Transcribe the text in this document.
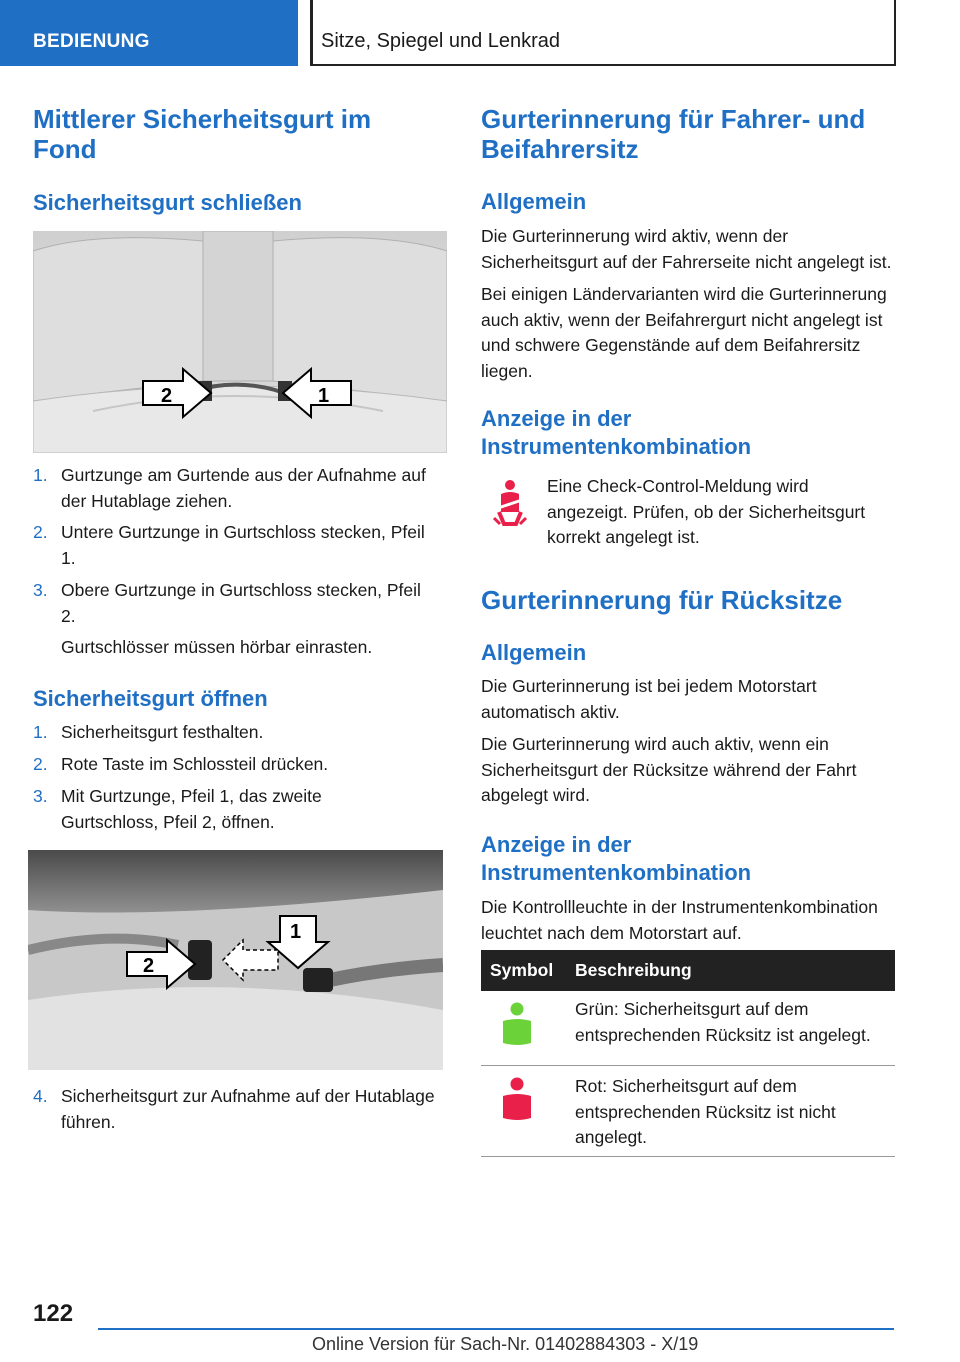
BEDIENUNG	Sitze, Spiegel und Lenkrad
Mittlerer Sicherheitsgurt im Fond
Sicherheitsgurt schließen
2	1
1. Gurtzunge am Gurtende aus der Aufnahme auf der Hutablage ziehen.
2. Untere Gurtzunge in Gurtschloss stecken, Pfeil 1.
3. Obere Gurtzunge in Gurtschloss stecken, Pfeil 2.

Gurtschlösser müssen hörbar einrasten.

Sicherheitsgurt öffnen
1. Sicherheitsgurt festhalten.
2. Rote Taste im Schlossteil drücken.
3. Mit Gurtzunge, Pfeil 1, das zweite Gurtschloss, Pfeil 2, öffnen.
2
1
4. Sicherheitsgurt zur Aufnahme auf der Hutablage führen.
Gurterinnerung für Fahrer- und Beifahrersitz
Allgemein

Die Gurterinnerung wird aktiv, wenn der Sicherheitsgurt auf der Fahrerseite nicht angelegt ist.

Bei einigen Ländervarianten wird die Gurterinnerung auch aktiv, wenn der Beifahrergurt nicht angelegt ist und schwere Gegenstände auf dem Beifahrersitz liegen.

Anzeige in der Instrumentenkombination

Eine Check-Control-Meldung wird angezeigt. Prüfen, ob der Sicherheitsgurt korrekt angelegt ist.

Gurterinnerung für Rücksitze
Allgemein

Die Gurterinnerung ist bei jedem Motorstart automatisch aktiv.

Die Gurterinnerung wird auch aktiv, wenn ein Sicherheitsgurt der Rücksitze während der Fahrt abgelegt wird.

Anzeige in der Instrumentenkombination

Die Kontrollleuchte in der Instrumentenkombination leuchtet nach dem Motorstart auf.

Symbol Beschreibung
Grün: Sicherheitsgurt auf dem entsprechenden Rücksitz ist angelegt.
Rot: Sicherheitsgurt auf dem entsprechenden Rücksitz ist nicht angelegt.
122
Online Version für Sach-Nr. 01402884303 - X/19
